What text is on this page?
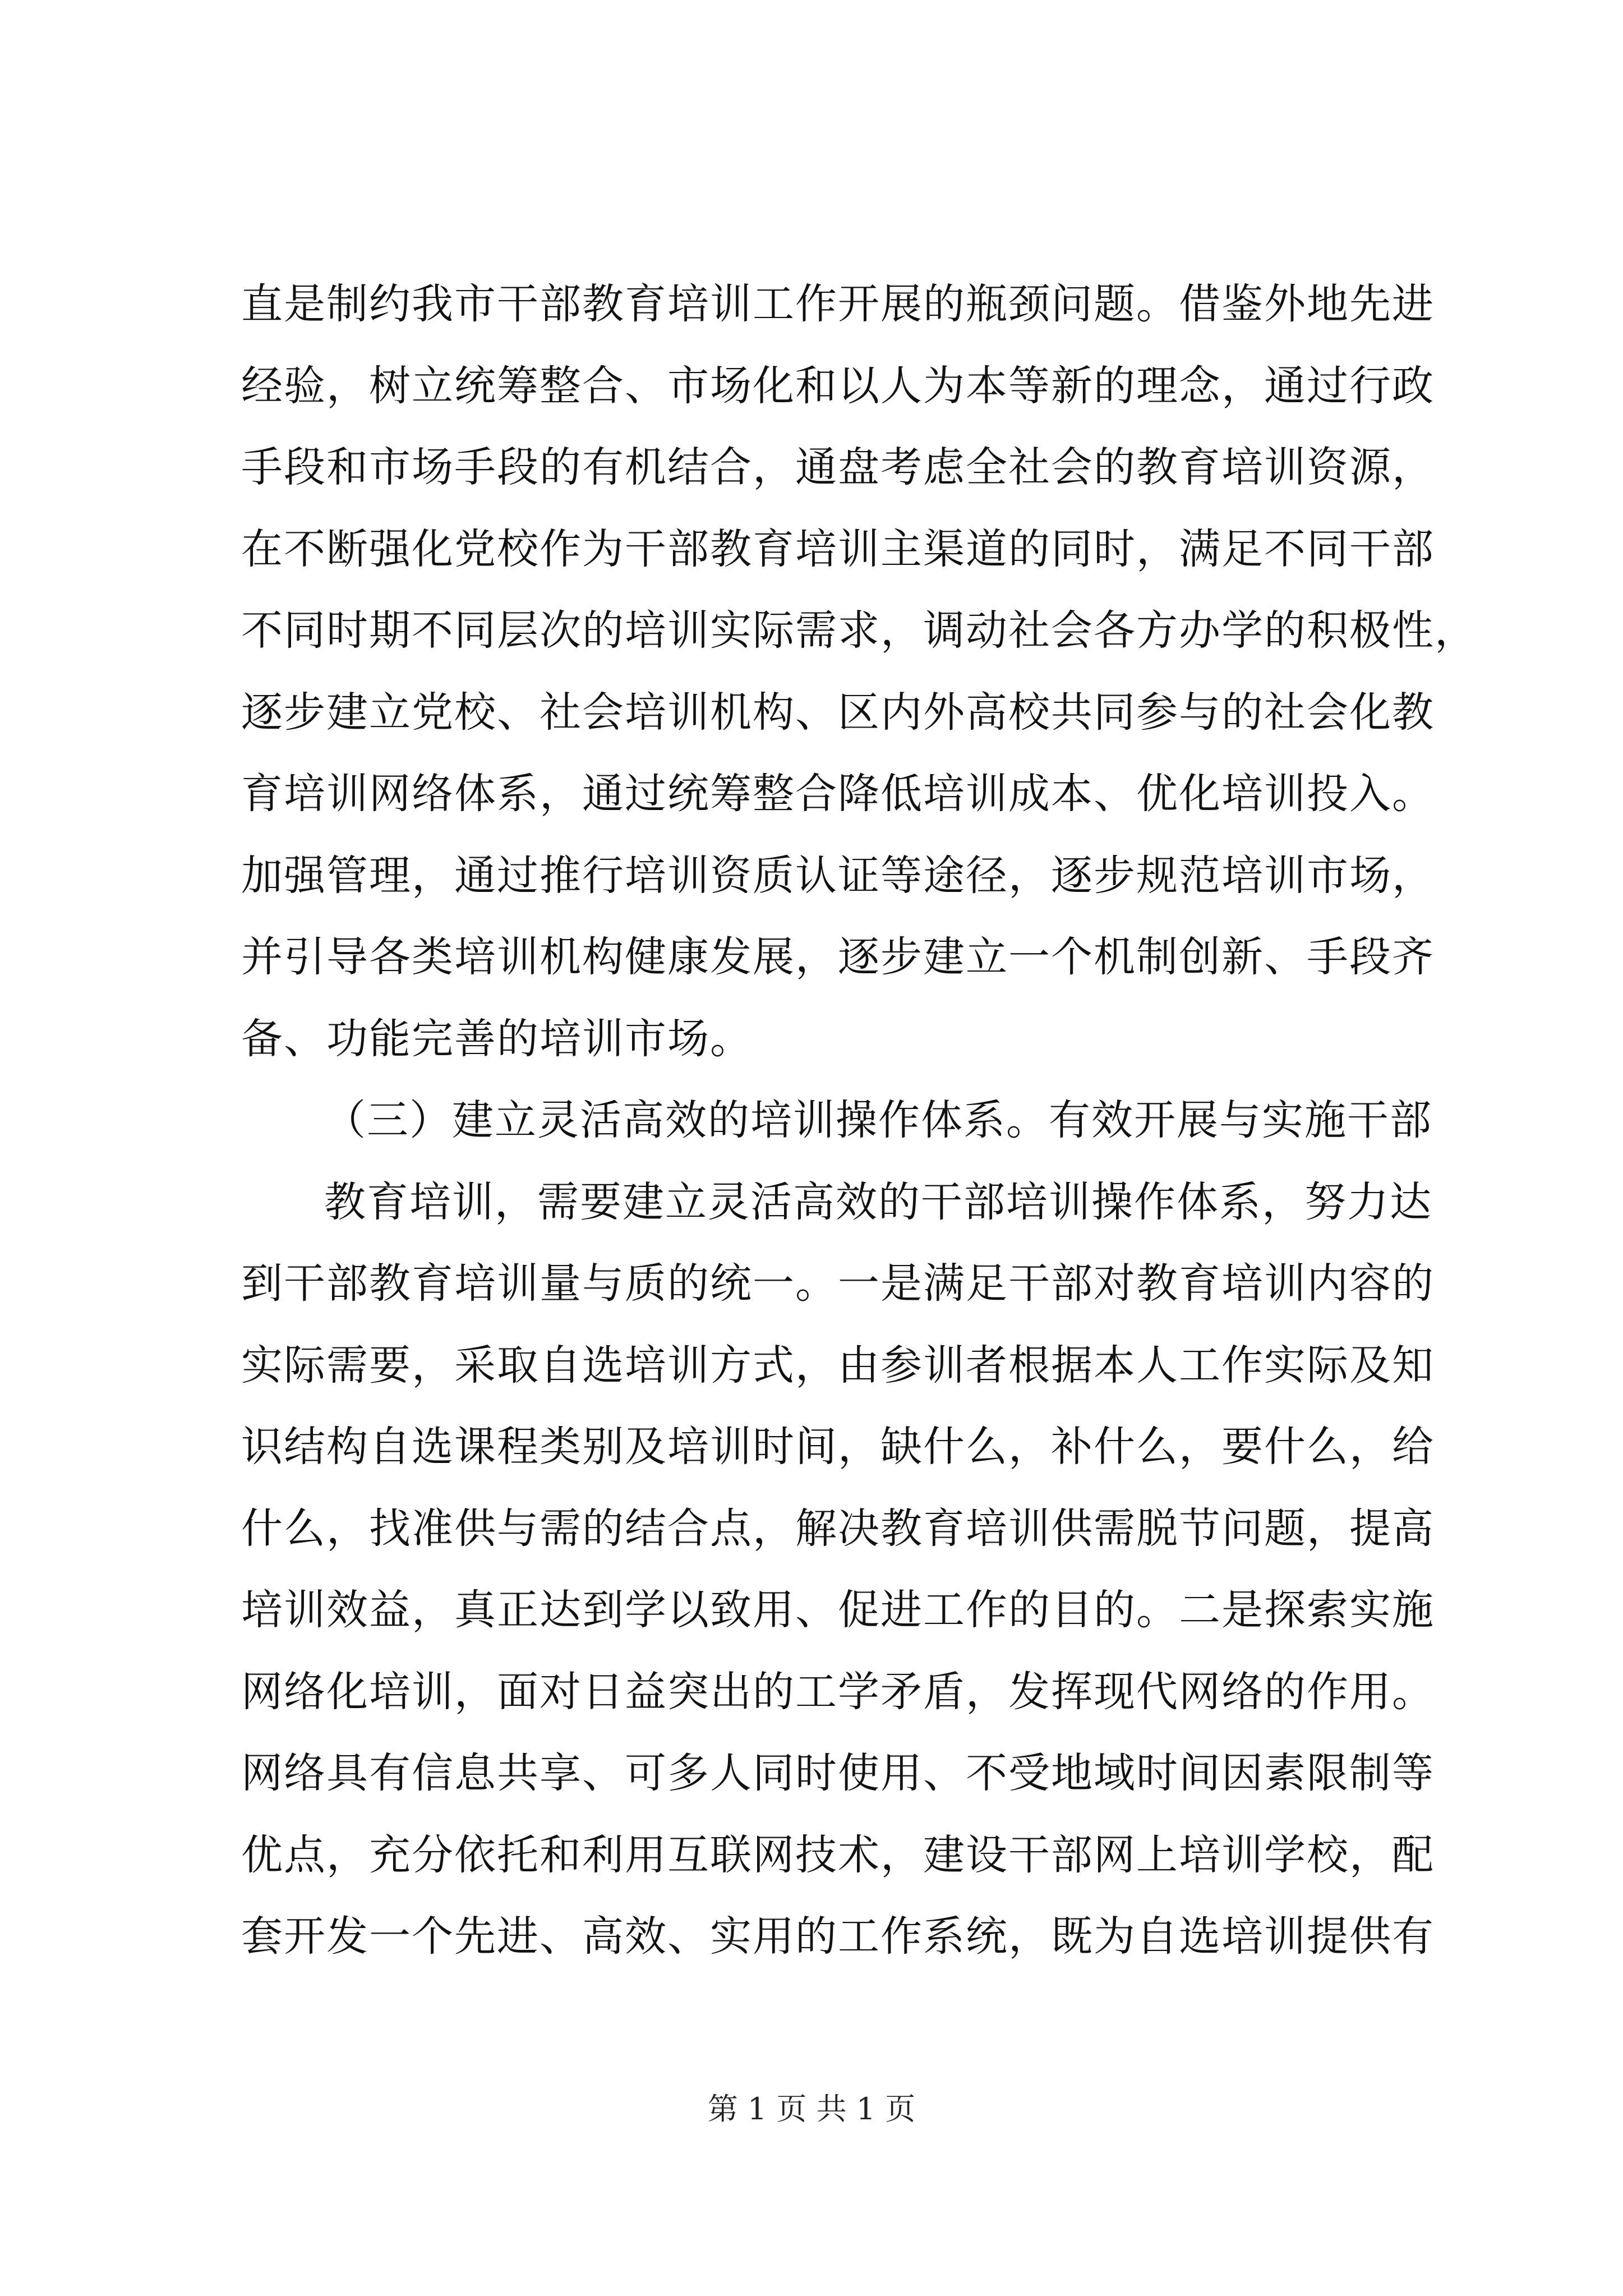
直是制约我市干部教育培训工作开展的瓶颈问题。借鉴外地先进
经验，树立统筹整合、市场化和以人为本等新的理念，通过行政
手段和市场手段的有机结合，通盘考虑全社会的教育培训资源，
在不断强化党校作为干部教育培训主渠道的同时，满足不同干部
不同时期不同层次的培训实际需求，调动社会各方办学的积极性，
逐步建立党校、社会培训机构、区内外高校共同参与的社会化教
育培训网络体系，通过统筹整合降低培训成本、优化培训投入。
加强管理，通过推行培训资质认证等途径，逐步规范培训市场，
并引导各类培训机构健康发展，逐步建立一个机制创新、手段齐
备、功能完善的培训市场。
（三）建立灵活高效的培训操作体系。有效开展与实施干部
教育培训，需要建立灵活高效的干部培训操作体系，努力达
到干部教育培训量与质的统一。一是满足干部对教育培训内容的
实际需要，采取自选培训方式，由参训者根据本人工作实际及知
识结构自选课程类别及培训时间，缺什么，补什么，要什么，给
什么，找准供与需的结合点，解决教育培训供需脱节问题，提高
培训效益，真正达到学以致用、促进工作的目的。二是探索实施
网络化培训，面对日益突出的工学矛盾，发挥现代网络的作用。
网络具有信息共享、可多人同时使用、不受地域时间因素限制等
优点，充分依托和利用互联网技术，建设干部网上培训学校，配
套开发一个先进、高效、实用的工作系统，既为自选培训提供有
第 1 页 共 1 页
